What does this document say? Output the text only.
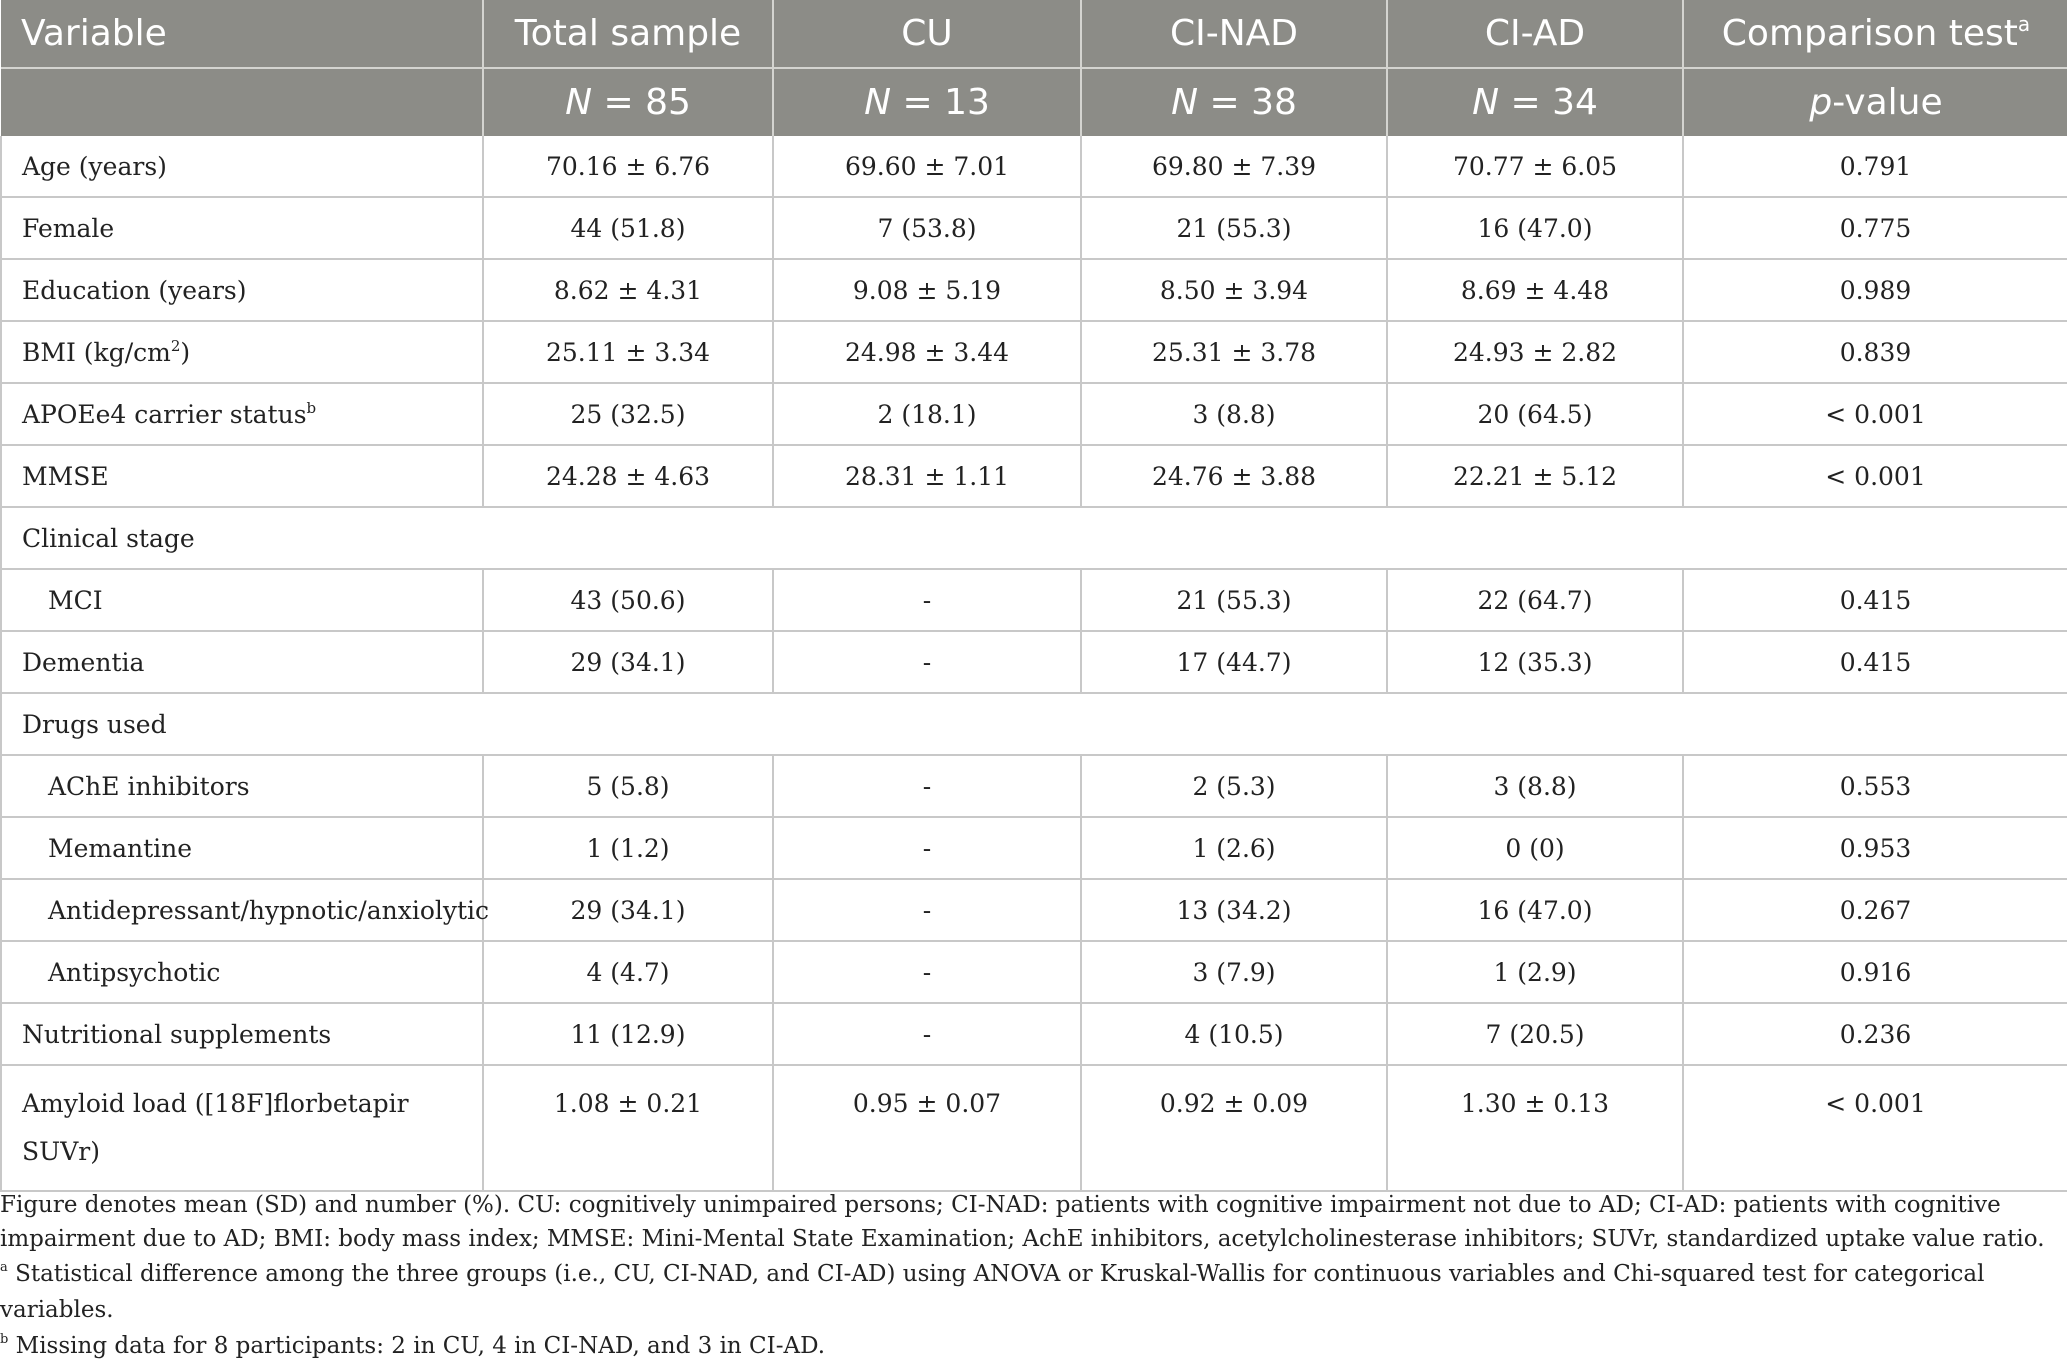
Variable	Total sample	CU	CI-NAD	CI-AD	Comparison test$^a$
	N = 85	N = 13	N = 38	N = 34	p-value
Age (years)	70.16 ± 6.76	69.60 ± 7.01	69.80 ± 7.39	70.77 ± 6.05	0.791
Female	44 (51.8)	7 (53.8)	21 (55.3)	16 (47.0)	0.775
Education (years)	8.62 ± 4.31	9.08 ± 5.19	8.50 ± 3.94	8.69 ± 4.48	0.989
BMI $(kg/cm^2)$	25.11 ± 3.34	24.98 ± 3.44	25.31 ± 3.78	24.93 ± 2.82	0.839
APOEe4 carrier status$^b$	25 (32.5)	2 (18.1)	3 (8.8)	20 (64.5)	< 0.001
MMSE	24.28 ± 4.63	28.31 ± 1.11	24.76 ± 3.88	22.21 ± 5.12	< 0.001
Clinical stage					
MCI	43 (50.6)	-	21 (55.3)	22 (64.7)	0.415
Dementia	29 (34.1)	-	17 (44.7)	12 (35.3)	0.415
Drugs used					
AChE inhibitors	5 (5.8)	-	2 (5.3)	3 (8.8)	0.553
Memantine	1 (1.2)	-	1 (2.6)	0 (0)	0.953
Antidepressant/hypnotic/anxiolytic	29 (34.1)	-	13 (34.2)	16 (47.0)	0.267
Antipsychotic	4 (4.7)	-	3 (7.9)	1 (2.9)	0.916
Nutritional supplements	11 (12.9)	-	4 (10.5)	7 (20.5)	0.236
Amyloid load ([18F]florbetapir SUVr)	1.08 ± 0.21	0.95 ± 0.07	0.92 ± 0.09	1.30 ± 0.13	< 0.001

Figure denotes mean (SD) and number (%). CU: cognitively unimpaired persons; CI-NAD: patients with cognitive impairment not due to AD; CI-AD: patients with cognitive impairment due to AD; BMI: body mass index; MMSE: Mini-Mental State Examination; AchE inhibitors, acetylcholinesterase inhibitors; SUVr, standardized uptake value ratio.

$^a$ Statistical difference among the three groups (i.e., CU, CI-NAD, and CI-AD) using ANOVA or Kruskal-Wallis for continuous variables and Chi-squared test for categorical variables.

$^b$ Missing data for 8 participants: 2 in CU, 4 in CI-NAD, and 3 in CI-AD.
